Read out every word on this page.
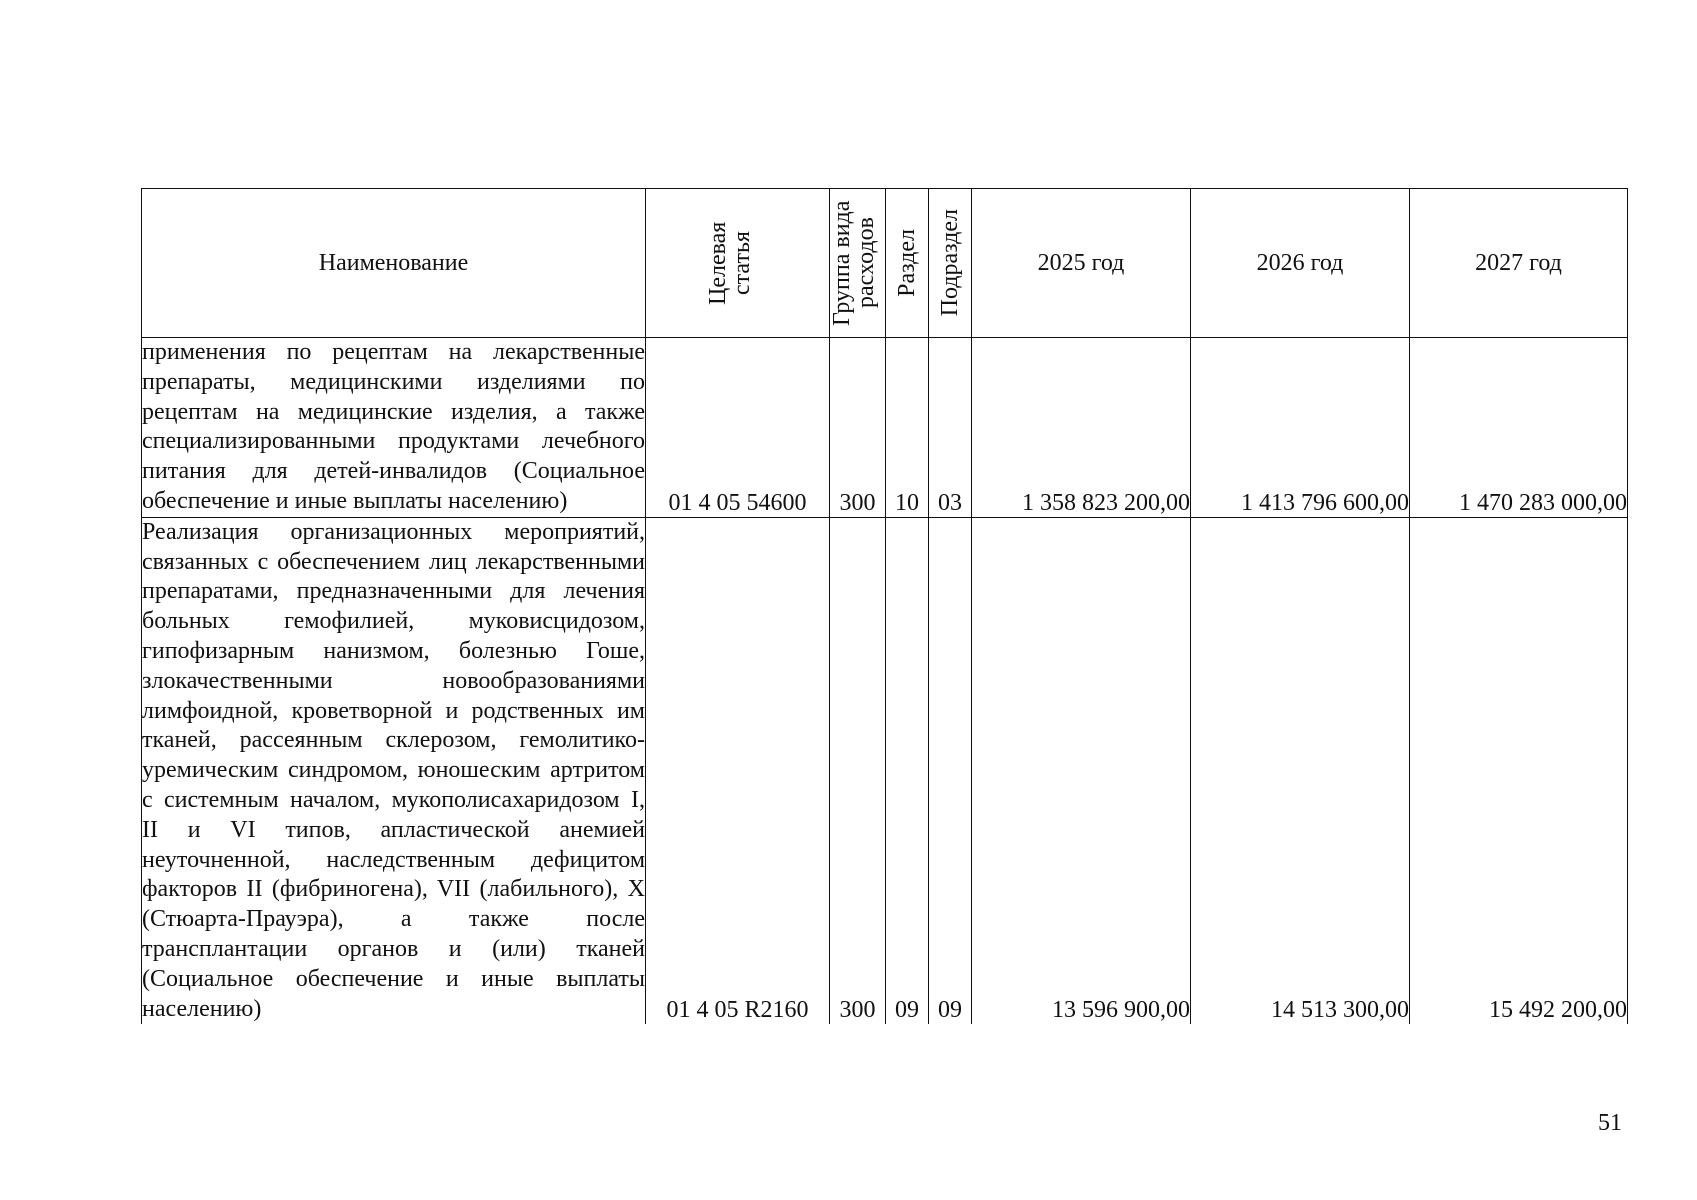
Наименование	Целевая статья	Группа вида расходов	Раздел	Подраздел	2025 год	2026 год	2027 год
применения по рецептам на лекарственные препараты, медицинскими изделиями по рецептам на медицинские изделия, а также специализированными продуктами лечебного питания для детей-инвалидов (Социальное обеспечение и иные выплаты населению)	01 4 05 54600	300	10	03	1 358 823 200,00	1 413 796 600,00	1 470 283 000,00
Реализация организационных мероприятий, связанных с обеспечением лиц лекарственными препаратами, предназначенными для лечения больных гемофилией, муковисцидозом, гипофизарным нанизмом, болезнью Гоше, злокачественными новообразованиями лимфоидной, кроветворной и родственных им тканей, рассеянным склерозом, гемолитико-уремическим синдромом, юношеским артритом с системным началом, мукополисахаридозом I, II и VI типов, апластической анемией неуточненной, наследственным дефицитом факторов II (фибриногена), VII (лабильного), X (Стюарта-Прауэра), а также после трансплантации органов и (или) тканей (Социальное обеспечение и иные выплаты населению)	01 4 05 R2160	300	09	09	13 596 900,00	14 513 300,00	15 492 200,00
51
